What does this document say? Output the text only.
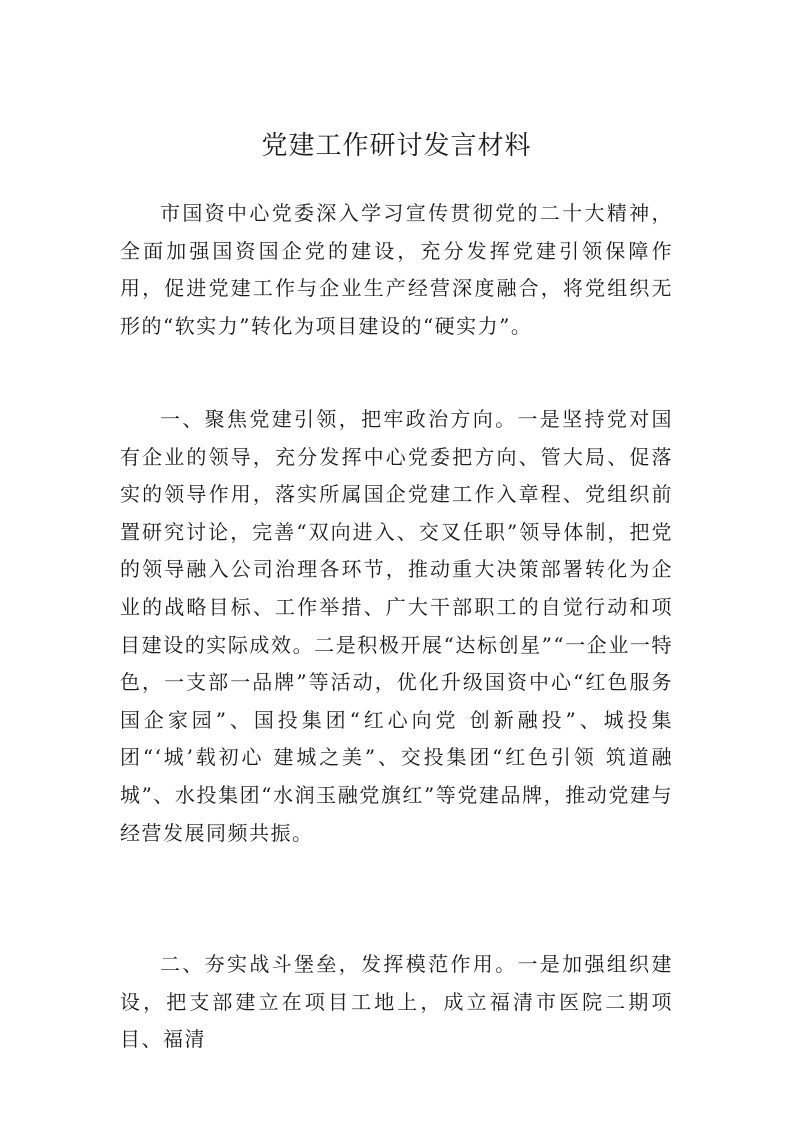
党建工作研讨发言材料

市国资中心党委深入学习宣传贯彻党的二十大精神，全面加强国资国企党的建设，充分发挥党建引领保障作用，促进党建工作与企业生产经营深度融合，将党组织无形的“软实力”转化为项目建设的“硬实力”。

一、聚焦党建引领，把牢政治方向。一是坚持党对国有企业的领导，充分发挥中心党委把方向、管大局、促落实的领导作用，落实所属国企党建工作入章程、党组织前置研究讨论，完善“双向进入、交叉任职”领导体制，把党的领导融入公司治理各环节，推动重大决策部署转化为企业的战略目标、工作举措、广大干部职工的自觉行动和项目建设的实际成效。二是积极开展“达标创星”“一企业一特色，一支部一品牌”等活动，优化升级国资中心“红色服务 国企家园”、国投集团“红心向党 创新融投”、城投集团“‘城’载初心 建城之美”、交投集团“红色引领 筑道融城”、水投集团“水润玉融党旗红”等党建品牌，推动党建与经营发展同频共振。

二、夯实战斗堡垒，发挥模范作用。一是加强组织建设，把支部建立在项目工地上，成立福清市医院二期项目、福清
